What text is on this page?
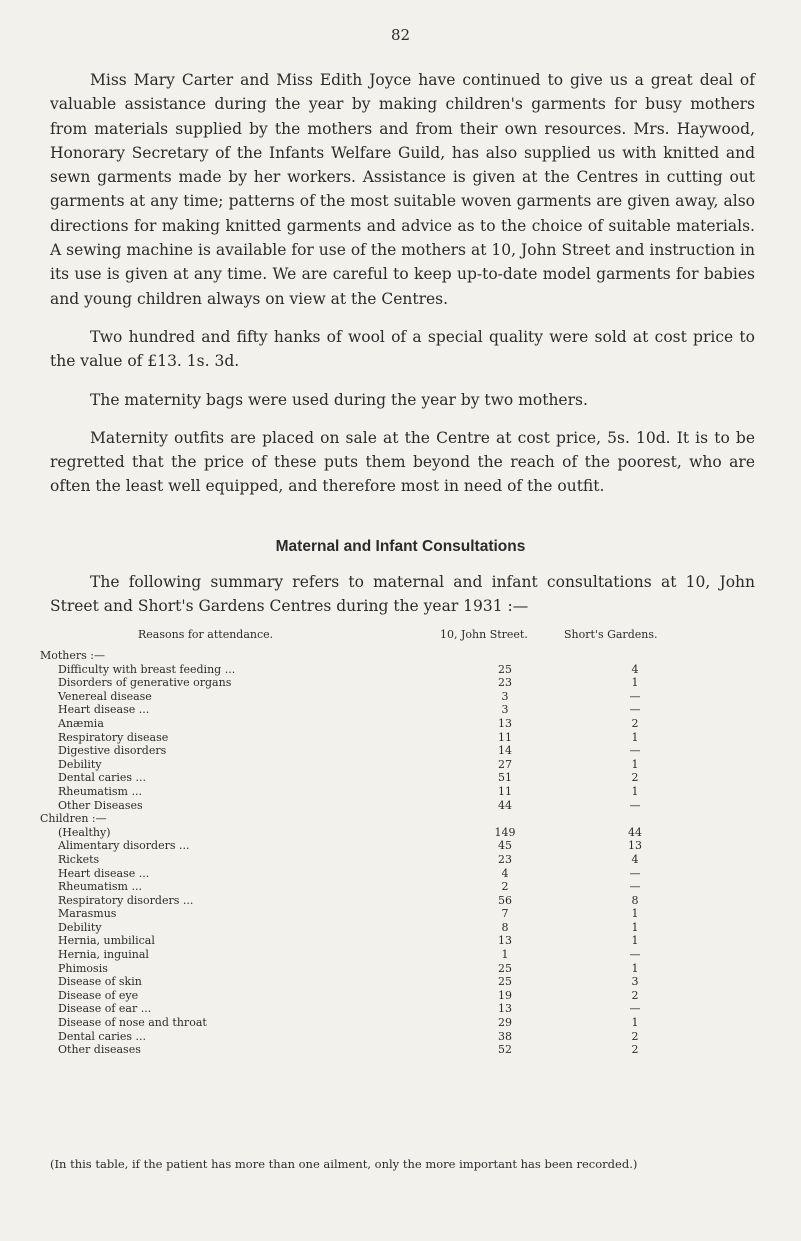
82

Miss Mary Carter and Miss Edith Joyce have continued to give us a great deal of valuable assistance during the year by making children's garments for busy mothers from materials supplied by the mothers and from their own resources. Mrs. Haywood, Honorary Secretary of the Infants Welfare Guild, has also supplied us with knitted and sewn garments made by her workers. Assistance is given at the Centres in cutting out garments at any time; patterns of the most suitable woven garments are given away, also directions for making knitted garments and advice as to the choice of suitable materials. A sewing machine is available for use of the mothers at 10, John Street and instruction in its use is given at any time. We are careful to keep up-to-date model garments for babies and young children always on view at the Centres.

Two hundred and fifty hanks of wool of a special quality were sold at cost price to the value of £13. 1s. 3d.

The maternity bags were used during the year by two mothers.

Maternity outfits are placed on sale at the Centre at cost price, 5s. 10d. It is to be regretted that the price of these puts them beyond the reach of the poorest, who are often the least well equipped, and therefore most in need of the outfit.

Maternal and Infant Consultations

The following summary refers to maternal and infant consultations at 10, John Street and Short's Gardens Centres during the year 1931 :—

Reasons for attendance.	10, John Street.	Short's Gardens.
Mothers :—
Difficulty with breast feeding ...	25	4
Disorders of generative organs	23	1
Venereal disease	3	—
Heart disease ...	3	—
Anæmia	13	2
Respiratory disease	11	1
Digestive disorders	14	—
Debility	27	1
Dental caries ...	51	2
Rheumatism ...	11	1
Other Diseases	44	—
Children :—
(Healthy)	149	44
Alimentary disorders ...	45	13
Rickets	23	4
Heart disease ...	4	—
Rheumatism ...	2	—
Respiratory disorders ...	56	8
Marasmus	7	1
Debility	8	1
Hernia, umbilical	13	1
Hernia, inguinal	1	—
Phimosis	25	1
Disease of skin	25	3
Disease of eye	19	2
Disease of ear ...	13	—
Disease of nose and throat	29	1
Dental caries ...	38	2
Other diseases	52	2
(In this table, if the patient has more than one ailment, only the more important has been recorded.)
